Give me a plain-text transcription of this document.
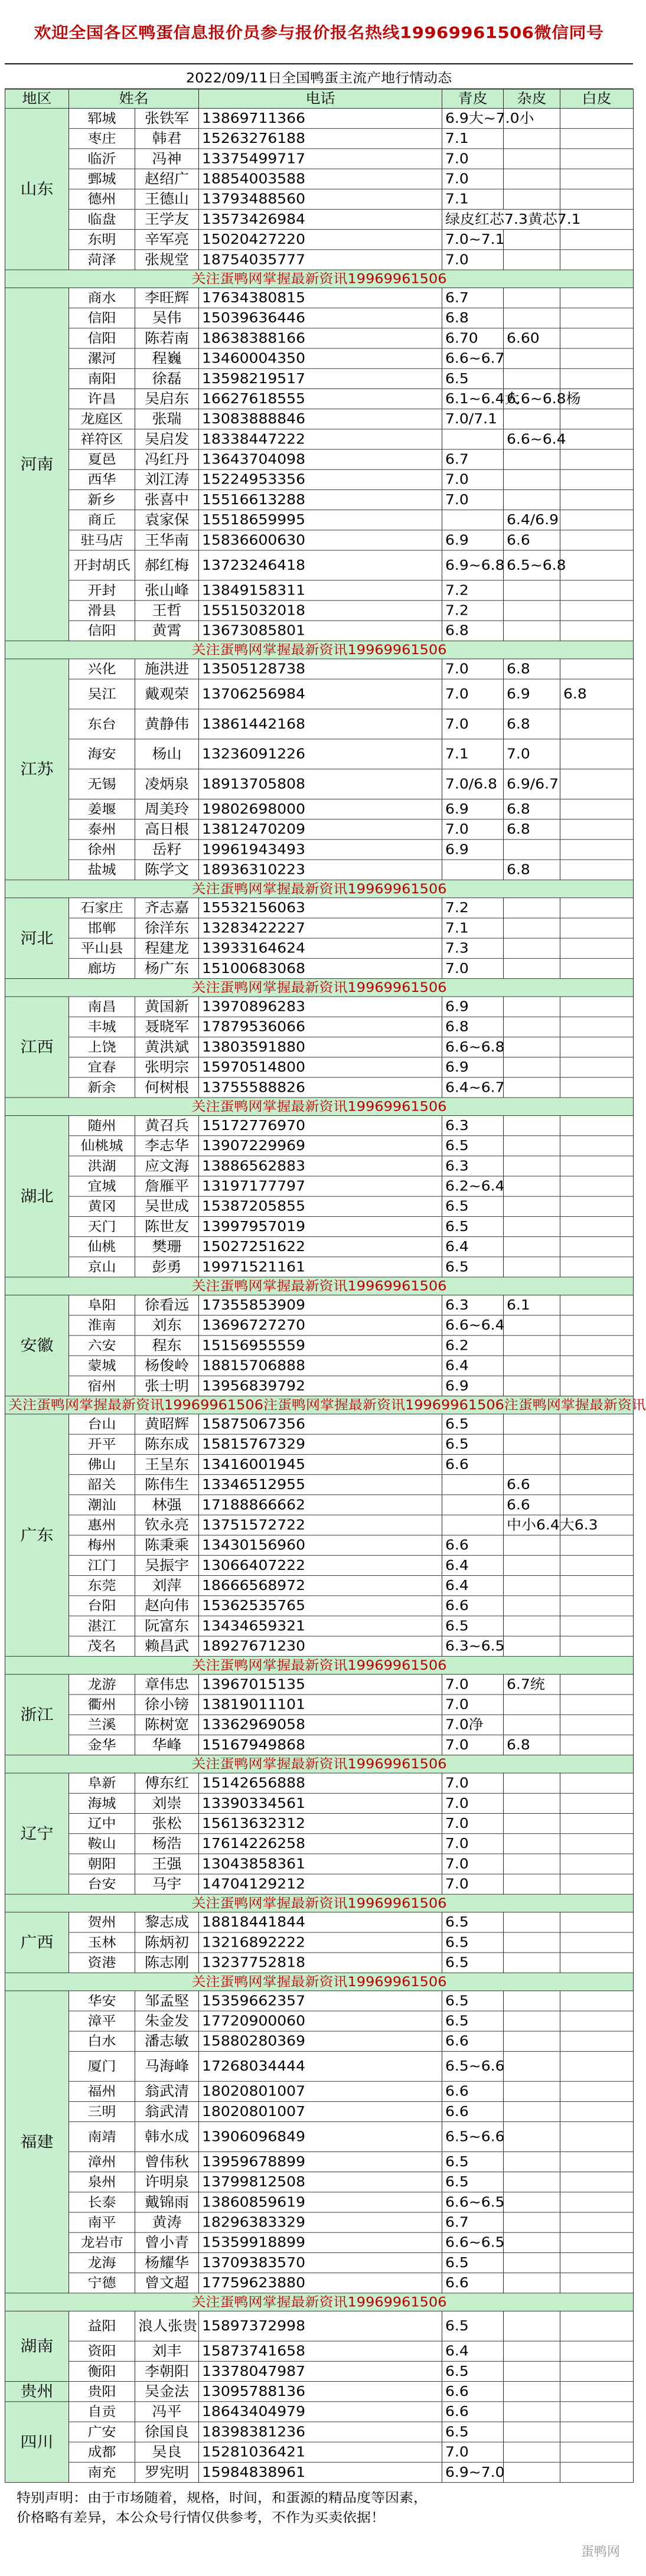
欢迎全国各区鸭蛋信息报价员参与报价报名热线19969961506微信同号
2022/09/11日全国鸭蛋主流产地行情动态
地区	姓名		电话	青皮	杂皮	白皮	
山东	郓城	张铁军	13869711366	6.9大~7.0小			
	枣庄	韩君	15263276188	7.1			
	临沂	冯神	13375499717	7.0			
	鄄城	赵绍广	18854003588	7.0			
	德州	王德山	13793488560	7.1			
	临盘	王学友	13573426984	绿皮红芯7.3黄芯7.1		
	东明	辛军亮	15020427220	7.0~7.1			
	菏泽	张规堂	18754035777	7.0			
关注蛋鸭网掌握最新资讯19969961506							
河南	商水	李旺辉	17634380815	6.7			
	信阳	吴伟	15039636446	6.8			
	信阳	陈若南	18638388166	6.70	6.60		
	漯河	程巍	13460004350	6.6~6.7			
	南阳	徐磊	13598219517	6.5			
	许昌	吴启东	16627618555	6.1~6.4大	6.6~6.8杨		
	龙庭区	张瑞	13083888846	7.0/7.1			
	祥符区	吴启发	18338447222		6.6~6.4		
	夏邑	冯红丹	13643704098	6.7			
	西华	刘江涛	15224953356	7.0			
	新乡	张喜中	15516613288	7.0			
	商丘	袁家保	15518659995		6.4/6.9		
	驻马店	王华南	15836600630	6.9	6.6		
	开封胡氏	郝红梅	13723246418	6.9~6.8	6.5~6.8		
	开封	张山峰	13849158311	7.2			
	滑县	王哲	15515032018	7.2			
	信阳	黄霄	13673085801	6.8			
关注蛋鸭网掌握最新资讯19969961506							
江苏	兴化	施洪进	13505128738	7.0	6.8		
	吴江	戴观荣	13706256984	7.0	6.9	6.8	
	东台	黄静伟	13861442168	7.0	6.8		
	海安	杨山	13236091226	7.1	7.0		
	无锡	凌炳泉	18913705808	7.0/6.8	6.9/6.7		
	姜堰	周美玲	19802698000	6.9	6.8		
	泰州	高日根	13812470209	7.0	6.8		
	徐州	岳籽	19961943493	6.9			
	盐城	陈学文	18936310223		6.8		
关注蛋鸭网掌握最新资讯19969961506							
河北	石家庄	齐志嘉	15532156063	7.2			
	邯郸	徐洋东	13283422227	7.1			
	平山县	程建龙	13933164624	7.3			
	廊坊	杨广东	15100683068	7.0			
关注蛋鸭网掌握最新资讯19969961506							
江西	南昌	黄国新	13970896283	6.9			
	丰城	聂晓军	17879536066	6.8			
	上饶	黄洪斌	13803591880	6.6~6.8			
	宜春	张明宗	15970514800	6.9			
	新余	何树根	13755588826	6.4~6.7			
关注蛋鸭网掌握最新资讯19969961506							
湖北	随州	黄召兵	15172776970	6.3			
	仙桃城	李志华	13907229969	6.5			
	洪湖	应文海	13886562883	6.3			
	宜城	詹雁平	13197177797	6.2~6.4			
	黄冈	吴世成	15387205855	6.5			
	天门	陈世友	13997957019	6.5			
	仙桃	樊珊	15027251622	6.4			
	京山	彭勇	19971521161	6.5			
关注蛋鸭网掌握最新资讯19969961506							
安徽	阜阳	徐看远	17355853909	6.3	6.1		
	淮南	刘东	13696727270	6.6~6.4			
	六安	程东	15156955559	6.2			
	蒙城	杨俊岭	18815706888	6.4			
	宿州	张士明	13956839792	6.9			
关注蛋鸭网掌握最新资讯19969961506注蛋鸭网掌握最新资讯19969961506注蛋鸭网掌握最新资讯							
广东	台山	黄昭辉	15875067356	6.5			
	开平	陈东成	15815767329	6.5			
	佛山	王呈东	13416001945	6.6			
	韶关	陈伟生	13346512955		6.6		
	潮汕	林强	17188866662		6.6		
	惠州	钦永亮	13751572722		中小6.4大6.3		
	梅州	陈秉乘	13430156960	6.6			
	江门	吴振宇	13066407222	6.4			
	东莞	刘萍	18666568972	6.4			
	台阳	赵向伟	15362535765	6.6			
	湛江	阮富东	13434659321	6.5			
	茂名	赖昌武	18927671230	6.3~6.5			
关注蛋鸭网掌握最新资讯19969961506							
浙江	龙游	章伟忠	13967015135	7.0	6.7统		
	衢州	徐小镑	13819011101	7.0			
	兰溪	陈树宽	13362969058	7.0净			
	金华	华峰	15167949868	7.0	6.8		
关注蛋鸭网掌握最新资讯19969961506							
辽宁	阜新	傅东红	15142656888	7.0			
	海城	刘崇	13390334561	7.0			
	辽中	张松	15613632312	7.0			
	鞍山	杨浩	17614226258	7.0			
	朝阳	王强	13043858361	7.0			
	台安	马宇	14704129212	7.0			
关注蛋鸭网掌握最新资讯19969961506							
广西	贺州	黎志成	18818441844	6.5			
	玉林	陈炳初	13216892222	6.5			
	资港	陈志刚	13237752818	6.5			
关注蛋鸭网掌握最新资讯19969961506							
福建	华安	邹孟堅	15359662357	6.5			
	漳平	朱金发	17720900060	6.5			
	白水	潘志敏	15880280369	6.6			
	厦门	马海峰	17268034444	6.5~6.6			
	福州	翁武清	18020801007	6.6			
	三明	翁武清	18020801007	6.6			
	南靖	韩水成	13906096849	6.5~6.6			
	漳州	曾伟秋	13959678899	6.5			
	泉州	许明泉	13799812508	6.5			
	长泰	戴锦雨	13860859619	6.6~6.5			
	南平	黄涛	18296383329	6.7			
	龙岩市	曾小青	15359918899	6.6~6.5			
	龙海	杨耀华	13709383570	6.5			
	宁德	曾文超	17759623880	6.6			
关注蛋鸭网掌握最新资讯19969961506							
湖南	益阳	浪人张贵	15897372998	6.5			
	资阳	刘丰	15873741658	6.4			
	衡阳	李朝阳	13378047987	6.5			
贵州	贵阳	吴金法	13095788136	6.6			
四川	自贡	冯平	18643404979	6.6			
	广安	徐国良	18398381236	6.5			
	成都	吴良	15281036421	7.0			
	南充	罗宪明	15984838961	6.9~7.0			
特别声明：由于市场随着，规格，时间，和蛋源的精品度等因素，
价格略有差异，本公众号行情仅供参考，不作为买卖依据！
蛋鸭网
